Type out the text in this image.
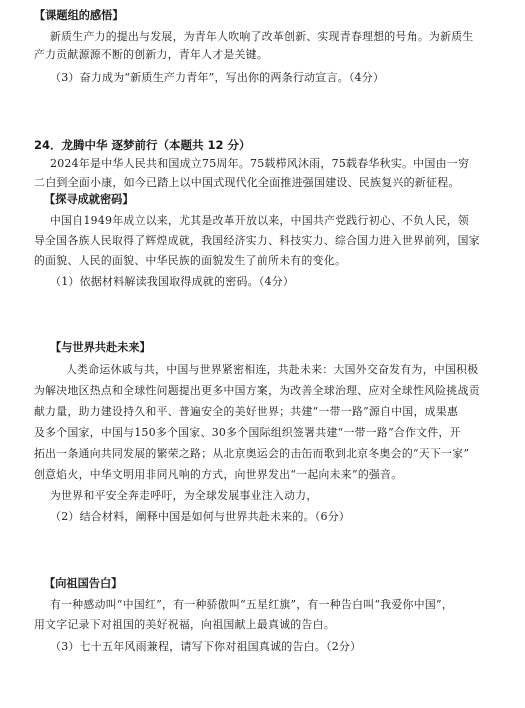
【课题组的感悟】
新质生产力的提出与发展，为青年人吹响了改革创新、实现青春理想的号角。为新质生
产力贡献源源不断的创新力，青年人才是关键。
（3）奋力成为“新质生产力青年”，写出你的两条行动宣言。（4分）
24．龙腾中华 逐梦前行（本题共 12 分）
2024年是中华人民共和国成立75周年。75载栉风沐雨，75载春华秋实。中国由一穷
二白到全面小康，如今已踏上以中国式现代化全面推进强国建设、民族复兴的新征程。
【探寻成就密码】
中国自1949年成立以来，尤其是改革开放以来，中国共产党践行初心、不负人民，领
导全国各族人民取得了辉煌成就，我国经济实力、科技实力、综合国力进入世界前列，国家
的面貌、人民的面貌、中华民族的面貌发生了前所未有的变化。
（1）依据材料解读我国取得成就的密码。（4分）
【与世界共赴未来】
人类命运休戚与共，中国与世界紧密相连，共赴未来：大国外交奋发有为，中国积极
为解决地区热点和全球性问题提出更多中国方案，为改善全球治理、应对全球性风险挑战贡
献力量，助力建设持久和平、普遍安全的美好世界；共建“一带一路”源自中国，成果惠
及多个国家，中国与150多个国家、30多个国际组织签署共建“一带一路”合作文件，开
拓出一条通向共同发展的繁荣之路；从北京奥运会的击缶而歌到北京冬奥会的“天下一家”
创意焰火，中华文明用非同凡响的方式，向世界发出“一起向未来”的强音。
为世界和平安全奔走呼吁，为全球发展事业注入动力，
（2）结合材料，阐释中国是如何与世界共赴未来的。（6分）
【向祖国告白】
有一种感动叫“中国红”，有一种骄傲叫“五星红旗”，有一种告白叫“我爱你中国”，
用文字记录下对祖国的美好祝福，向祖国献上最真诚的告白。
（3）七十五年风雨兼程，请写下你对祖国真诚的告白。（2分）
